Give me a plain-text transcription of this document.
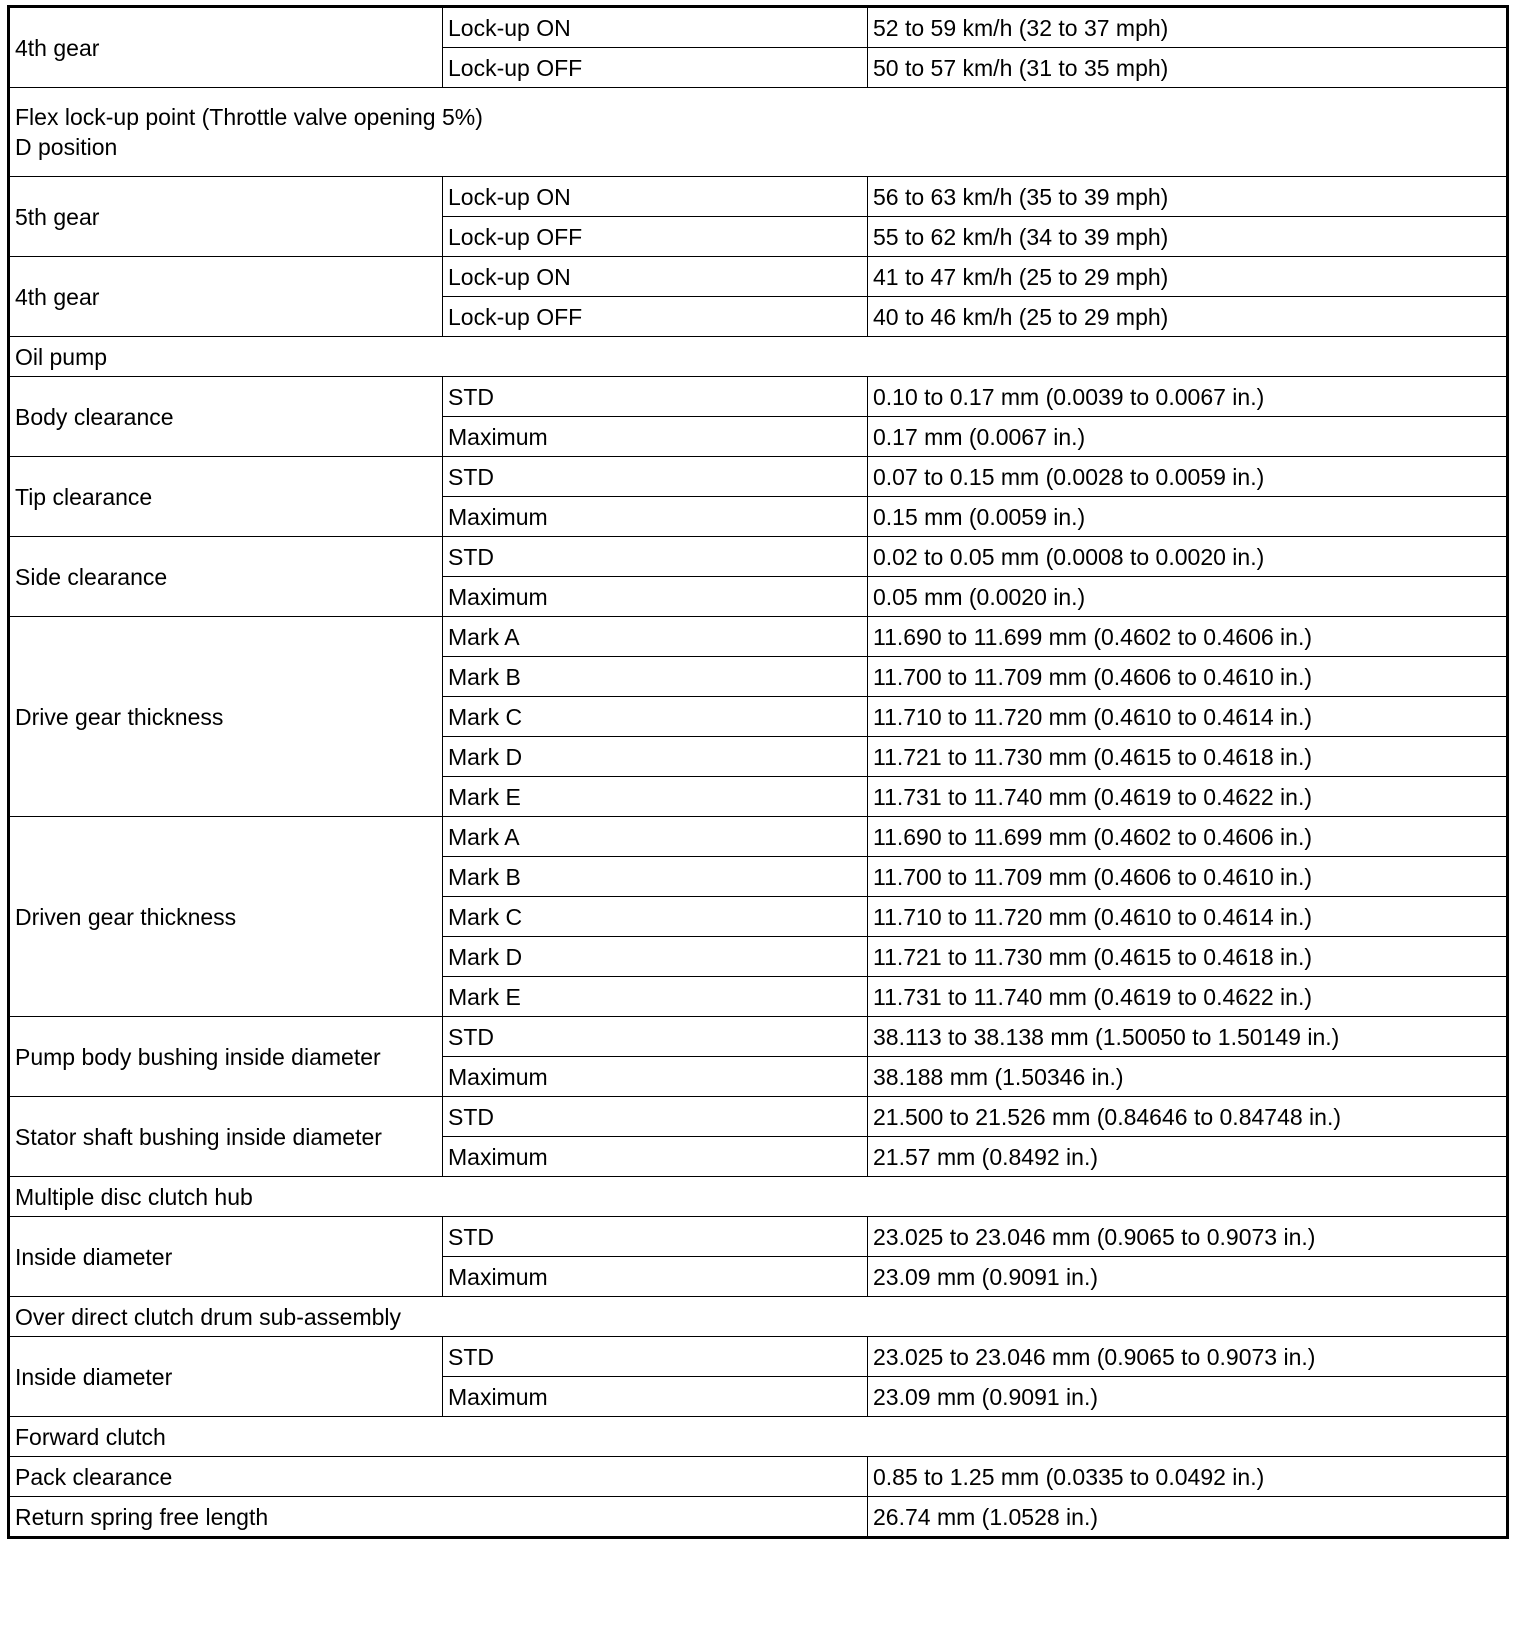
4th gear	Lock-up ON	52 to 59 km/h (32 to 37 mph)
	Lock-up OFF	50 to 57 km/h (31 to 35 mph)

Flex lock-up point (Throttle valve opening 5%)
D position		

5th gear	Lock-up ON	56 to 63 km/h (35 to 39 mph)
	Lock-up OFF	55 to 62 km/h (34 to 39 mph)
4th gear	Lock-up ON	41 to 47 km/h (25 to 29 mph)
	Lock-up OFF	40 to 46 km/h (25 to 29 mph)
Oil pump		
Body clearance	STD	0.10 to 0.17 mm (0.0039 to 0.0067 in.)
	Maximum	0.17 mm (0.0067 in.)
Tip clearance	STD	0.07 to 0.15 mm (0.0028 to 0.0059 in.)
	Maximum	0.15 mm (0.0059 in.)
Side clearance	STD	0.02 to 0.05 mm (0.0008 to 0.0020 in.)
	Maximum	0.05 mm (0.0020 in.)
Drive gear thickness	Mark A	11.690 to 11.699 mm (0.4602 to 0.4606 in.)
	Mark B	11.700 to 11.709 mm (0.4606 to 0.4610 in.)
	Mark C	11.710 to 11.720 mm (0.4610 to 0.4614 in.)
	Mark D	11.721 to 11.730 mm (0.4615 to 0.4618 in.)
	Mark E	11.731 to 11.740 mm (0.4619 to 0.4622 in.)
Driven gear thickness	Mark A	11.690 to 11.699 mm (0.4602 to 0.4606 in.)
	Mark B	11.700 to 11.709 mm (0.4606 to 0.4610 in.)
	Mark C	11.710 to 11.720 mm (0.4610 to 0.4614 in.)
	Mark D	11.721 to 11.730 mm (0.4615 to 0.4618 in.)
	Mark E	11.731 to 11.740 mm (0.4619 to 0.4622 in.)
Pump body bushing inside diameter	STD	38.113 to 38.138 mm (1.50050 to 1.50149 in.)
	Maximum	38.188 mm (1.50346 in.)
Stator shaft bushing inside diameter	STD	21.500 to 21.526 mm (0.84646 to 0.84748 in.)
	Maximum	21.57 mm (0.8492 in.)
Multiple disc clutch hub		
Inside diameter	STD	23.025 to 23.046 mm (0.9065 to 0.9073 in.)
	Maximum	23.09 mm (0.9091 in.)
Over direct clutch drum sub-assembly		
Inside diameter	STD	23.025 to 23.046 mm (0.9065 to 0.9073 in.)
	Maximum	23.09 mm (0.9091 in.)
Forward clutch		
Pack clearance		0.85 to 1.25 mm (0.0335 to 0.0492 in.)
Return spring free length		26.74 mm (1.0528 in.)
